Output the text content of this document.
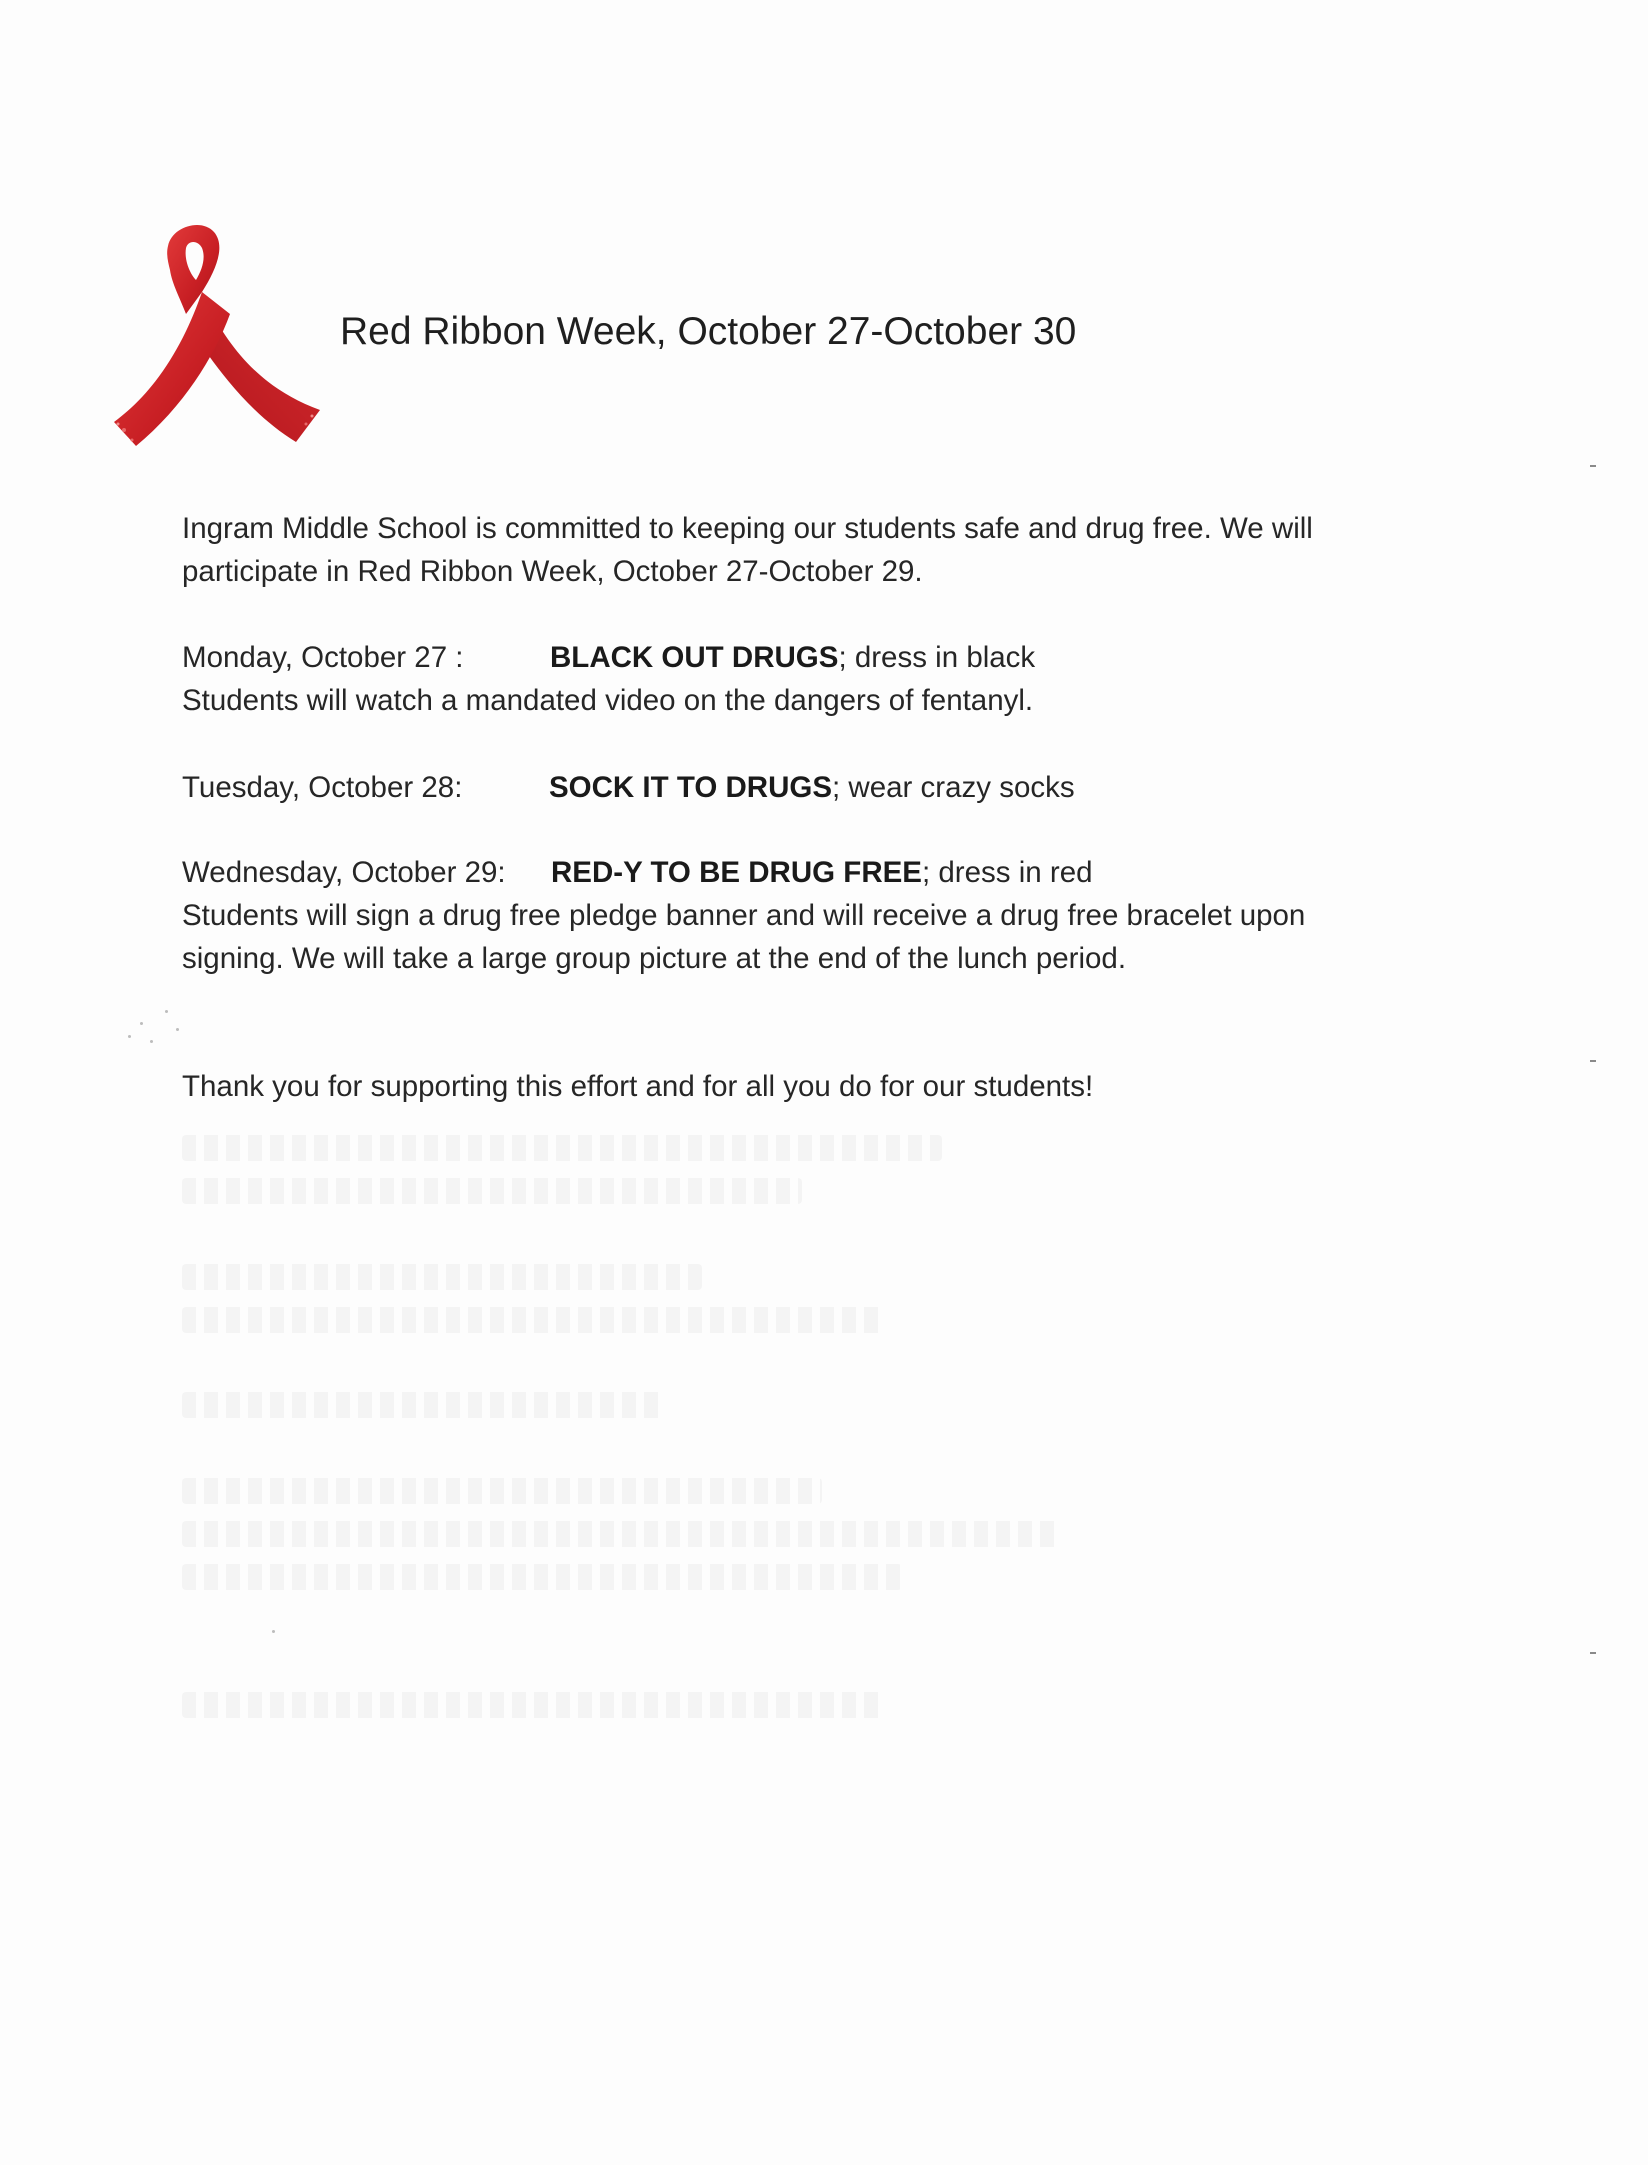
Red Ribbon Week, October 27-October 30
Ingram Middle School is committed to keeping our students safe and drug free. We will
participate in Red Ribbon Week, October 27-October 29.
Monday, October 27 :	BLACK OUT DRUGS; dress in black
Students will watch a mandated video on the dangers of fentanyl.
Tuesday, October 28:	SOCK IT TO DRUGS; wear crazy socks
Wednesday, October 29: RED-Y TO BE DRUG FREE; dress in red
Students will sign a drug free pledge banner and will receive a drug free bracelet upon
signing. We will take a large group picture at the end of the lunch period.
Thank you for supporting this effort and for all you do for our students!
